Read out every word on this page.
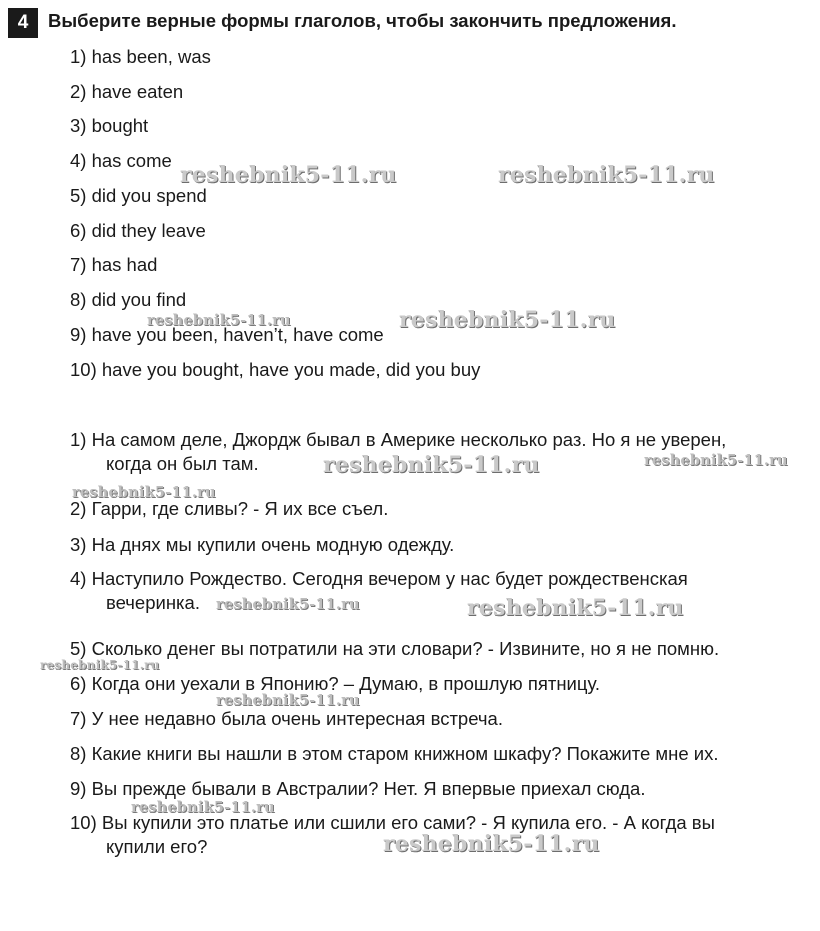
4	Выберите верные формы глаголов, чтобы закончить предложения.
1) has been, was
2) have eaten
3) bought
4) has come
5) did you spend
6) did they leave
7) has had
8) did you find
9) have you been, haven’t, have come
10) have you bought, have you made, did you buy
1) На самом деле, Джордж бывал в Америке несколько раз. Но я не уверен,
когда он был там.
2) Гарри, где сливы? - Я их все съел.
3) На днях мы купили очень модную одежду.
4) Наступило Рождество. Сегодня вечером у нас будет рождественская
вечеринка.
5) Сколько денег вы потратили на эти словари? - Извините, но я не помню.
6) Когда они уехали в Японию? – Думаю, в прошлую пятницу.
7) У нее недавно была очень интересная встреча.
8) Какие книги вы нашли в этом старом книжном шкафу? Покажите мне их.
9) Вы прежде бывали в Австралии? Нет. Я впервые приехал сюда.
10) Вы купили это платье или сшили его сами? - Я купила его. - А когда вы
купили его?
reshebnik5-11.ru	reshebnik5-11.ru
reshebnik5-11.ru	reshebnik5-11.ru
reshebnik5-11.ru	reshebnik5-11.ru
reshebnik5-11.ru
reshebnik5-11.ru	reshebnik5-11.ru
reshebnik5-11.ru
reshebnik5-11.ru
reshebnik5-11.ru
reshebnik5-11.ru
